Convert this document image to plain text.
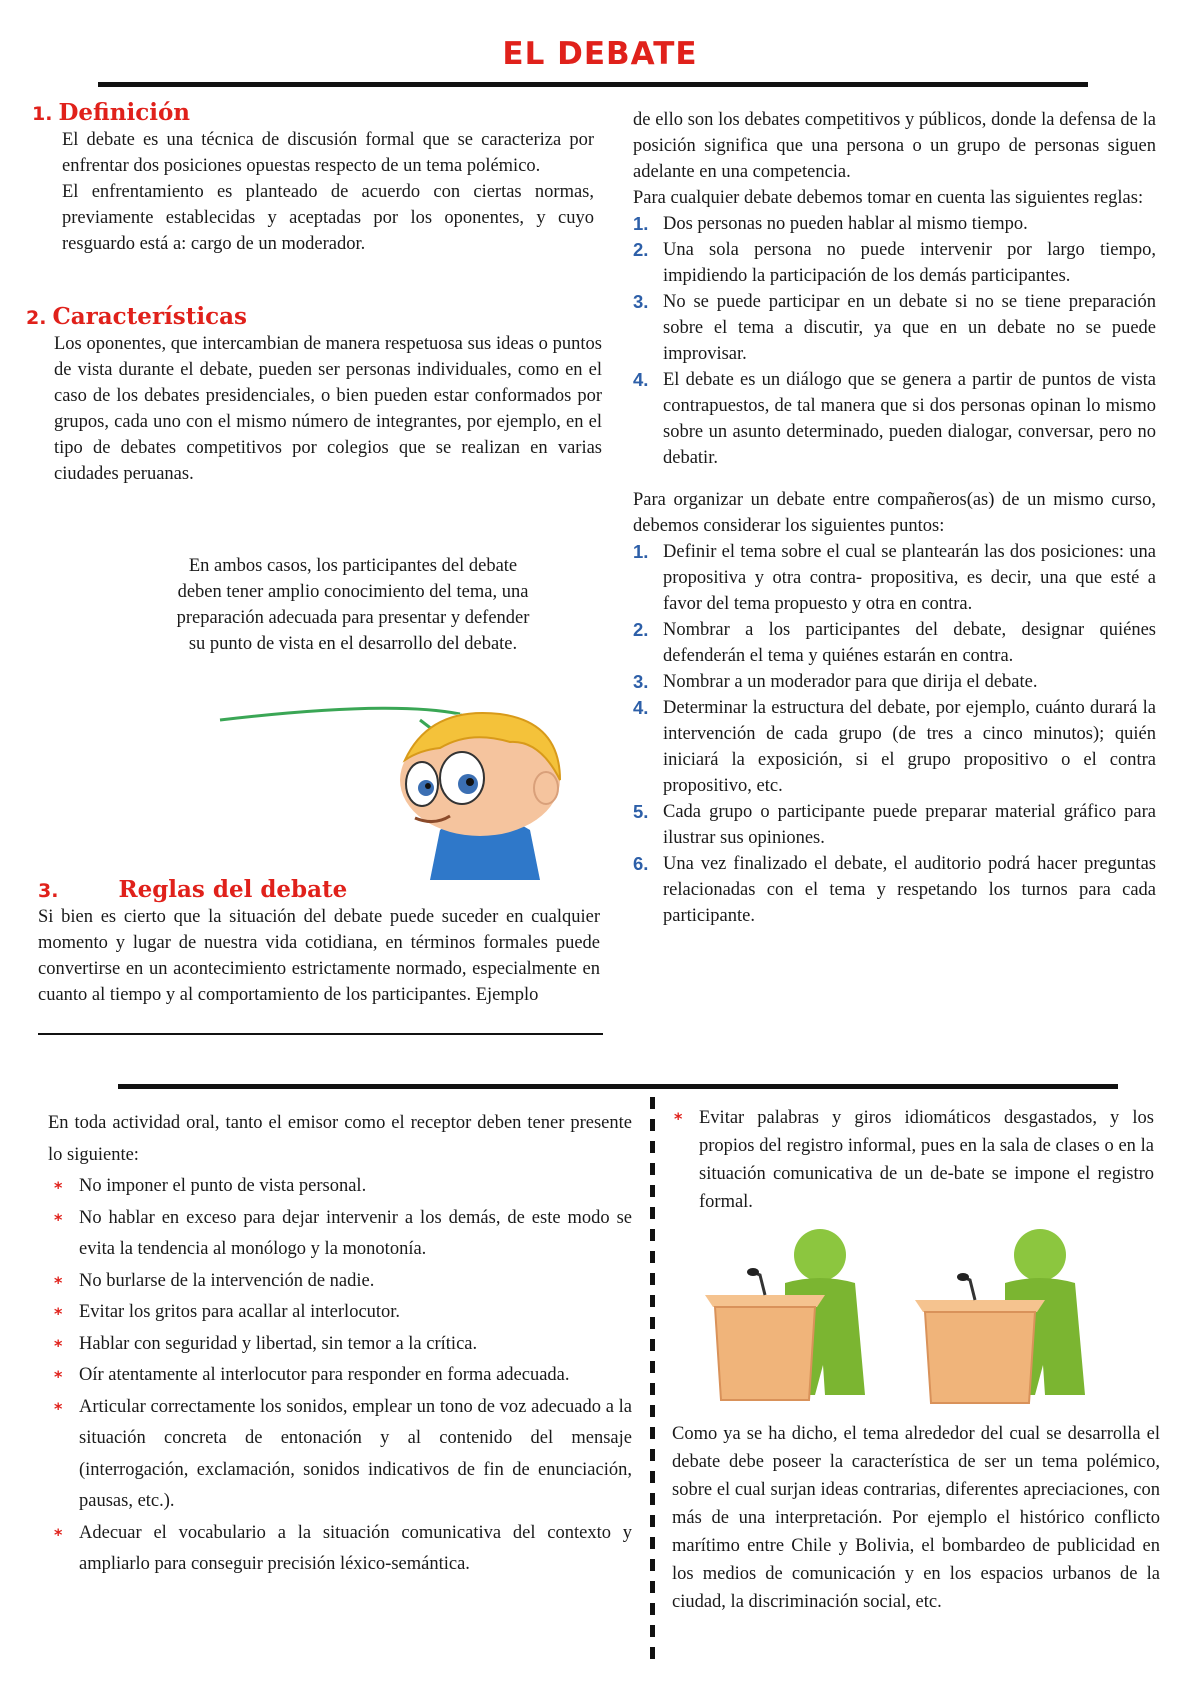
EL DEBATE
1. Definición

El debate es una técnica de discusión formal que se caracteriza por enfrentar dos posiciones opuestas respecto de un tema polémico.

El enfrentamiento es planteado de acuerdo con ciertas normas, previamente establecidas y aceptadas por los oponentes, y cuyo resguardo está a: cargo de un moderador.

2. Características

Los oponentes, que intercambian de manera respetuosa sus ideas o puntos de vista durante el debate, pueden ser personas individuales, como en el caso de los debates presidenciales, o bien pueden estar conformados por grupos, cada uno con el mismo número de integrantes, por ejemplo, en el tipo de debates competitivos por colegios que se realizan en varias ciudades peruanas.

En ambos casos, los participantes del debate deben tener amplio conocimiento del tema, una preparación adecuada para presentar y defender su punto de vista en el desarrollo del debate.
3.	Reglas del debate

Si bien es cierto que la situación del debate puede suceder en cualquier momento y lugar de nuestra vida cotidiana, en términos formales puede convertirse en un acontecimiento estrictamente normado, especialmente en cuanto al tiempo y al comportamiento de los participantes. Ejemplo

de ello son los debates competitivos y públicos, donde la defensa de la posición significa que una persona o un grupo de personas siguen adelante en una competencia.

Para cualquier debate debemos tomar en cuenta las siguientes reglas:

1. Dos personas no pueden hablar al mismo tiempo.
2. Una sola persona no puede intervenir por largo tiempo, impidiendo la participación de los demás participantes.
3. No se puede participar en un debate si no se tiene preparación sobre el tema a discutir, ya que en un debate no se puede improvisar.
4. El debate es un diálogo que se genera a partir de puntos de vista contrapuestos, de tal manera que si dos personas opinan lo mismo sobre un asunto determinado, pueden dialogar, conversar, pero no debatir.

Para organizar un debate entre compañeros(as) de un mismo curso, debemos considerar los siguientes puntos:

1. Definir el tema sobre el cual se plantearán las dos posiciones: una propositiva y otra contra- propositiva, es decir, una que esté a favor del tema propuesto y otra en contra.
2. Nombrar a los participantes del debate, designar quiénes defenderán el tema y quiénes estarán en contra.
3. Nombrar a un moderador para que dirija el debate.
4. Determinar la estructura del debate, por ejemplo, cuánto durará la intervención de cada grupo (de tres a cinco minutos); quién iniciará la exposición, si el grupo propositivo o el contra propositivo, etc.
5. Cada grupo o participante puede preparar material gráfico para ilustrar sus opiniones.
6. Una vez finalizado el debate, el auditorio podrá hacer preguntas relacionadas con el tema y respetando los turnos para cada participante.

En toda actividad oral, tanto el emisor como el receptor deben tener presente lo siguiente:

* No imponer el punto de vista personal.
* No hablar en exceso para dejar intervenir a los demás, de este modo se evita la tendencia al monólogo y la monotonía.
* No burlarse de la intervención de nadie.
* Evitar los gritos para acallar al interlocutor.
* Hablar con seguridad y libertad, sin temor a la crítica.
* Oír atentamente al interlocutor para responder en forma adecuada.
* Articular correctamente los sonidos, emplear un tono de voz adecuado a la situación concreta de entonación y al contenido del mensaje (interrogación, exclamación, sonidos indicativos de fin de enunciación, pausas, etc.).
* Adecuar el vocabulario a la situación comunicativa del contexto y ampliarlo para conseguir precisión léxico-semántica.
* Evitar palabras y giros idiomáticos desgastados, y los propios del registro informal, pues en la sala de clases o en la situación comunicativa de un de-bate se impone el registro formal.

Como ya se ha dicho, el tema alrededor del cual se desarrolla el debate debe poseer la característica de ser un tema polémico, sobre el cual surjan ideas contrarias, diferentes apreciaciones, con más de una interpretación. Por ejemplo el histórico conflicto marítimo entre Chile y Bolivia, el bombardeo de publicidad en los medios de comunicación y en los espacios urbanos de la ciudad, la discriminación social, etc.
